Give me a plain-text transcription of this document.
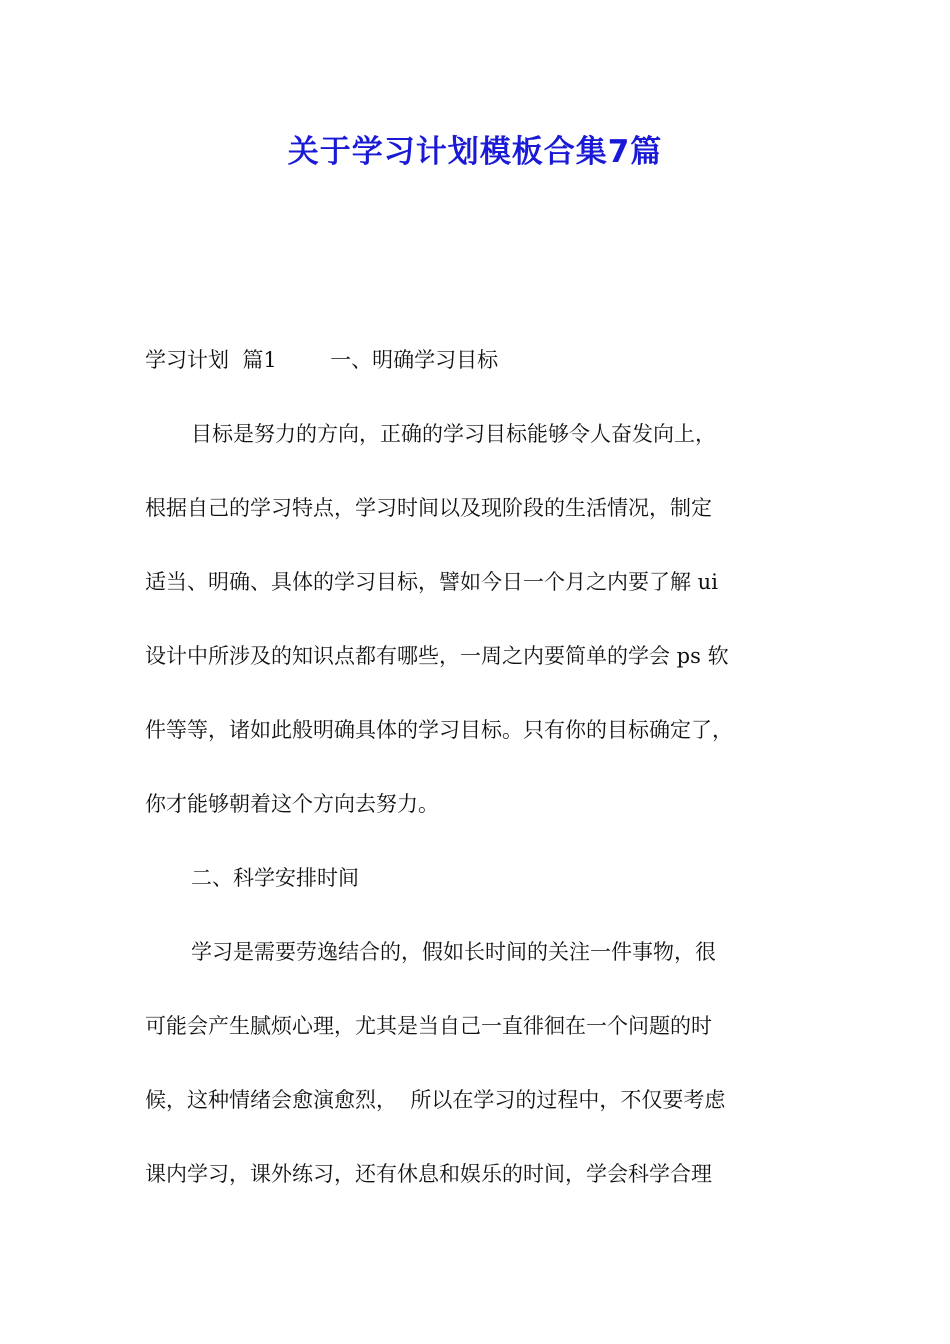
关于学习计划模板合集7篇

学习计划  篇1        一、明确学习目标

目标是努力的方向，正确的学习目标能够令人奋发向上，

根据自己的学习特点，学习时间以及现阶段的生活情况，制定

适当、明确、具体的学习目标，譬如今日一个月之内要了解 ui

设计中所涉及的知识点都有哪些，一周之内要简单的学会 ps 软

件等等，诸如此般明确具体的学习目标。只有你的目标确定了，

你才能够朝着这个方向去努力。

二、科学安排时间

学习是需要劳逸结合的，假如长时间的关注一件事物，很

可能会产生腻烦心理，尤其是当自己一直徘徊在一个问题的时

候，这种情绪会愈演愈烈，  所以在学习的过程中，不仅要考虑

课内学习，课外练习，还有休息和娱乐的时间，学会科学合理
